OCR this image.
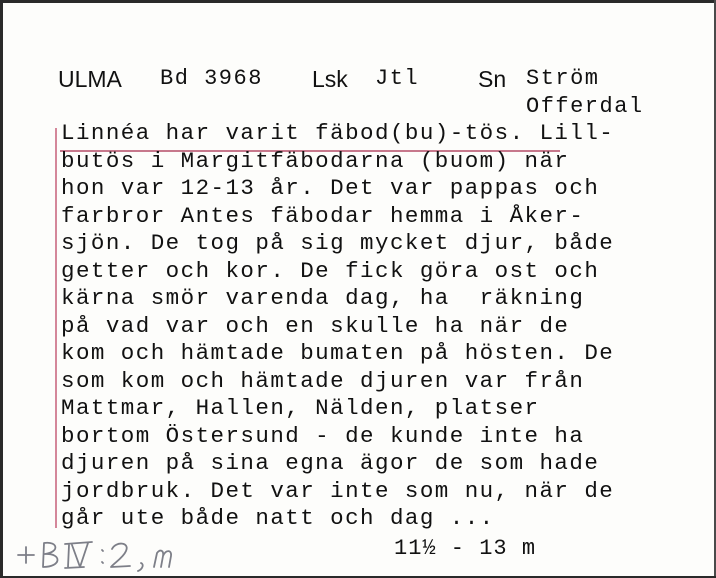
ULMA Bd 3968 Lsk Jtl	Sn Ström
Offerdal
Linnéa har varit fäbod(bu)-tös. Lill-
butös i Margitfäbodarna (buom) när
hon var 12-13 år. Det var pappas och
farbror Antes fäbodar hemma i Åker-
sjön. De tog på sig mycket djur, både
getter och kor. De fick göra ost och
kärna smör varenda dag, ha  räkning
på vad var och en skulle ha när de
kom och hämtade bumaten på hösten. De
som kom och hämtade djuren var från
Mattmar, Hallen, Nälden, platser
bortom Östersund - de kunde inte ha
djuren på sina egna ägor de som hade
jordbruk. Det var inte som nu, när de
går ute både natt och dag ...
11½ - 13 m
